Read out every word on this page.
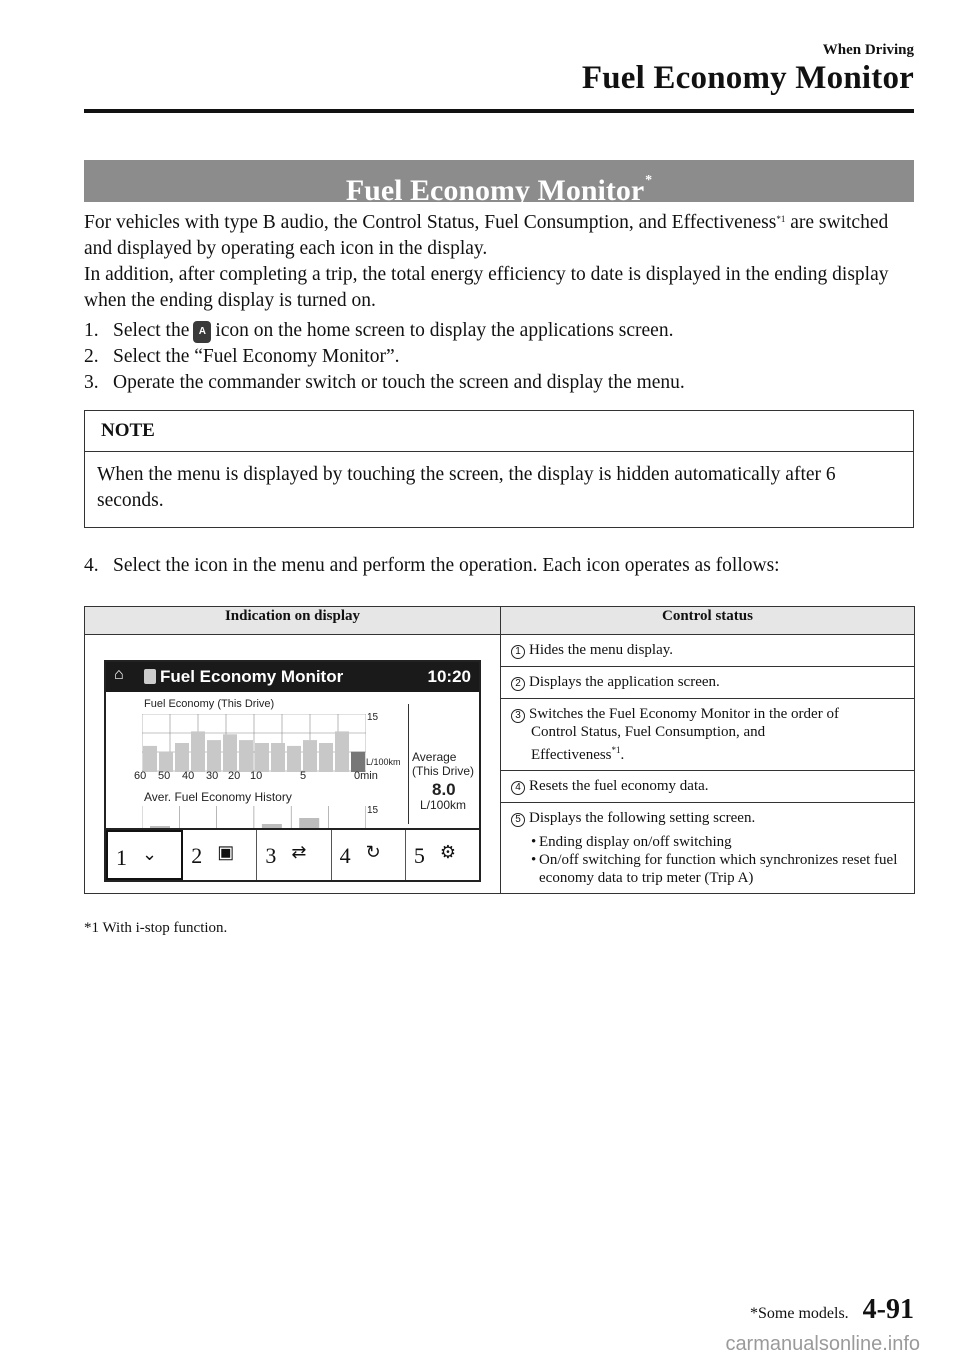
When Driving
Fuel Economy Monitor
Fuel Economy Monitor*
For vehicles with type B audio, the Control Status, Fuel Consumption, and Effectiveness$^{*1}$ are switched and displayed by operating each icon in the display.
In addition, after completing a trip, the total energy efficiency to date is displayed in the ending display when the ending display is turned on.
1. Select the A icon on the home screen to display the applications screen.
2. Select the “Fuel Economy Monitor”.
3. Operate the commander switch or touch the screen and display the menu.
NOTE
When the menu is displayed by touching the screen, the display is hidden automatically after 6 seconds.
4. Select the icon in the menu and perform the operation. Each icon operates as follows:
Indication on display	Control status
	1 Hides the menu display.
	2 Displays the application screen.

	3 Switches the Fuel Economy Monitor in the order of
Control Status, Fuel Consumption, and
Effectiveness$^{*1}$.

	4 Resets the fuel economy data.

	5 Displays the following setting screen.
• Ending display on/off switching
• On/off switching for function which synchronizes reset fuel economy data to trip meter (Trip A)
⌂ Fuel Economy Monitor	10:20
Fuel Economy (This Drive)
15
L/100km
60 50 40 30 20 10	5	0min
Average
(This Drive)
8.0
L/100km
Aver. Fuel Economy History
15
1 ⌄ 2 ▣ 3 ⇄ 4 ↻ 5 ⚙
*1 With i-stop function.
*Some models. 4-91
carmanualsonline.info
